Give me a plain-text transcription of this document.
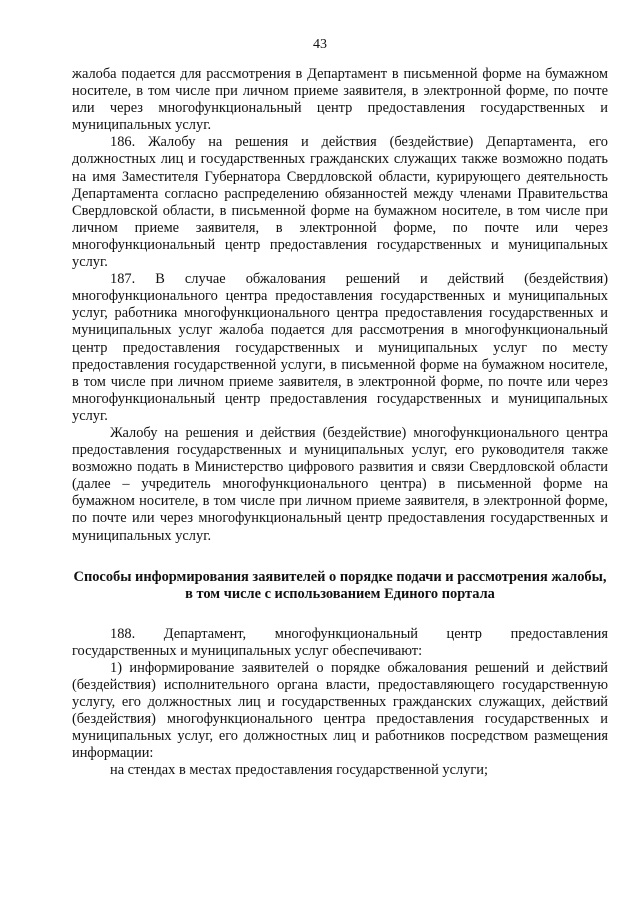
43

жалоба подается для рассмотрения в Департамент в письменной форме на бумажном носителе, в том числе при личном приеме заявителя, в электронной форме, по почте или через многофункциональный центр предоставления государственных и муниципальных услуг.

186. Жалобу на решения и действия (бездействие) Департамента, его должностных лиц и государственных гражданских служащих также возможно подать на имя Заместителя Губернатора Свердловской области, курирующего деятельность Департамента согласно распределению обязанностей между членами Правительства Свердловской области, в письменной форме на бумажном носителе, в том числе при личном приеме заявителя, в электронной форме, по почте или через многофункциональный центр предоставления государственных и муниципальных услуг.

187. В случае обжалования решений и действий (бездействия) многофункционального центра предоставления государственных и муниципальных услуг, работника многофункционального центра предоставления государственных и муниципальных услуг жалоба подается для рассмотрения в многофункциональный центр предоставления государственных и муниципальных услуг по месту предоставления государственной услуги, в письменной форме на бумажном носителе, в том числе при личном приеме заявителя, в электронной форме, по почте или через многофункциональный центр предоставления государственных и муниципальных услуг.

Жалобу на решения и действия (бездействие) многофункционального центра предоставления государственных и муниципальных услуг, его руководителя также возможно подать в Министерство цифрового развития и связи Свердловской области (далее – учредитель многофункционального центра) в письменной форме на бумажном носителе, в том числе при личном приеме заявителя, в электронной форме, по почте или через многофункциональный центр предоставления государственных и муниципальных услуг.

Способы информирования заявителей о порядке подачи и рассмотрения жалобы, в том числе с использованием Единого портала

188. Департамент, многофункциональный центр предоставления государственных и муниципальных услуг обеспечивают:

1) информирование заявителей о порядке обжалования решений и действий (бездействия) исполнительного органа власти, предоставляющего государственную услугу, его должностных лиц и государственных гражданских служащих, действий (бездействия) многофункционального центра предоставления государственных и муниципальных услуг, его должностных лиц и работников посредством размещения информации:

на стендах в местах предоставления государственной услуги;
